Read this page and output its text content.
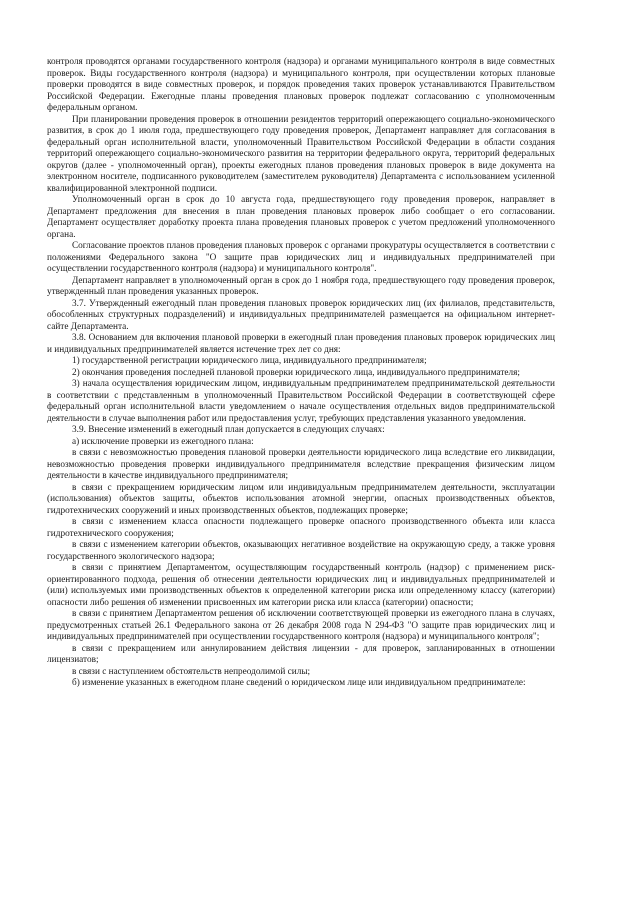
контроля проводятся органами государственного контроля (надзора) и органами муниципального контроля в виде совместных проверок. Виды государственного контроля (надзора) и муниципального контроля, при осуществлении которых плановые проверки проводятся в виде совместных проверок, и порядок проведения таких проверок устанавливаются Правительством Российской Федерации. Ежегодные планы проведения плановых проверок подлежат согласованию с уполномоченным федеральным органом.

При планировании проведения проверок в отношении резидентов территорий опережающего социально-экономического развития, в срок до 1 июля года, предшествующего году проведения проверок, Департамент направляет для согласования в федеральный орган исполнительной власти, уполномоченный Правительством Российской Федерации в области создания территорий опережающего социально-экономического развития на территории федерального округа, территорий федеральных округов (далее - уполномоченный орган), проекты ежегодных планов проведения плановых проверок в виде документа на электронном носителе, подписанного руководителем (заместителем руководителя) Департамента с использованием усиленной квалифицированной электронной подписи.

Уполномоченный орган в срок до 10 августа года, предшествующего году проведения проверок, направляет в Департамент предложения для внесения в план проведения плановых проверок либо сообщает о его согласовании. Департамент осуществляет доработку проекта плана проведения плановых проверок с учетом предложений уполномоченного органа.

Согласование проектов планов проведения плановых проверок с органами прокуратуры осуществляется в соответствии с положениями Федерального закона "О защите прав юридических лиц и индивидуальных предпринимателей при осуществлении государственного контроля (надзора) и муниципального контроля".

Департамент направляет в уполномоченный орган в срок до 1 ноября года, предшествующего году проведения проверок, утвержденный план проведения указанных проверок.

3.7. Утвержденный ежегодный план проведения плановых проверок юридических лиц (их филиалов, представительств, обособленных структурных подразделений) и индивидуальных предпринимателей размещается на официальном интернет-сайте Департамента.

3.8. Основанием для включения плановой проверки в ежегодный план проведения плановых проверок юридических лиц и индивидуальных предпринимателей является истечение трех лет со дня:

1) государственной регистрации юридического лица, индивидуального предпринимателя;

2) окончания проведения последней плановой проверки юридического лица, индивидуального предпринимателя;

3) начала осуществления юридическим лицом, индивидуальным предпринимателем предпринимательской деятельности в соответствии с представленным в уполномоченный Правительством Российской Федерации в соответствующей сфере федеральный орган исполнительной власти уведомлением о начале осуществления отдельных видов предпринимательской деятельности в случае выполнения работ или предоставления услуг, требующих представления указанного уведомления.

3.9. Внесение изменений в ежегодный план допускается в следующих случаях:

а) исключение проверки из ежегодного плана:

в связи с невозможностью проведения плановой проверки деятельности юридического лица вследствие его ликвидации, невозможностью проведения проверки индивидуального предпринимателя вследствие прекращения физическим лицом деятельности в качестве индивидуального предпринимателя;

в связи с прекращением юридическим лицом или индивидуальным предпринимателем деятельности, эксплуатации (использования) объектов защиты, объектов использования атомной энергии, опасных производственных объектов, гидротехнических сооружений и иных производственных объектов, подлежащих проверке;

в связи с изменением класса опасности подлежащего проверке опасного производственного объекта или класса гидротехнического сооружения;

в связи с изменением категории объектов, оказывающих негативное воздействие на окружающую среду, а также уровня государственного экологического надзора;

в связи с принятием Департаментом, осуществляющим государственный контроль (надзор) с применением риск-ориентированного подхода, решения об отнесении деятельности юридических лиц и индивидуальных предпринимателей и (или) используемых ими производственных объектов к определенной категории риска или определенному классу (категории) опасности либо решения об изменении присвоенных им категории риска или класса (категории) опасности;

в связи с принятием Департаментом решения об исключении соответствующей проверки из ежегодного плана в случаях, предусмотренных статьей 26.1 Федерального закона от 26 декабря 2008 года N 294-ФЗ "О защите прав юридических лиц и индивидуальных предпринимателей при осуществлении государственного контроля (надзора) и муниципального контроля";

в связи с прекращением или аннулированием действия лицензии - для проверок, запланированных в отношении лицензиатов;

в связи с наступлением обстоятельств непреодолимой силы;

б) изменение указанных в ежегодном плане сведений о юридическом лице или индивидуальном предпринимателе:
